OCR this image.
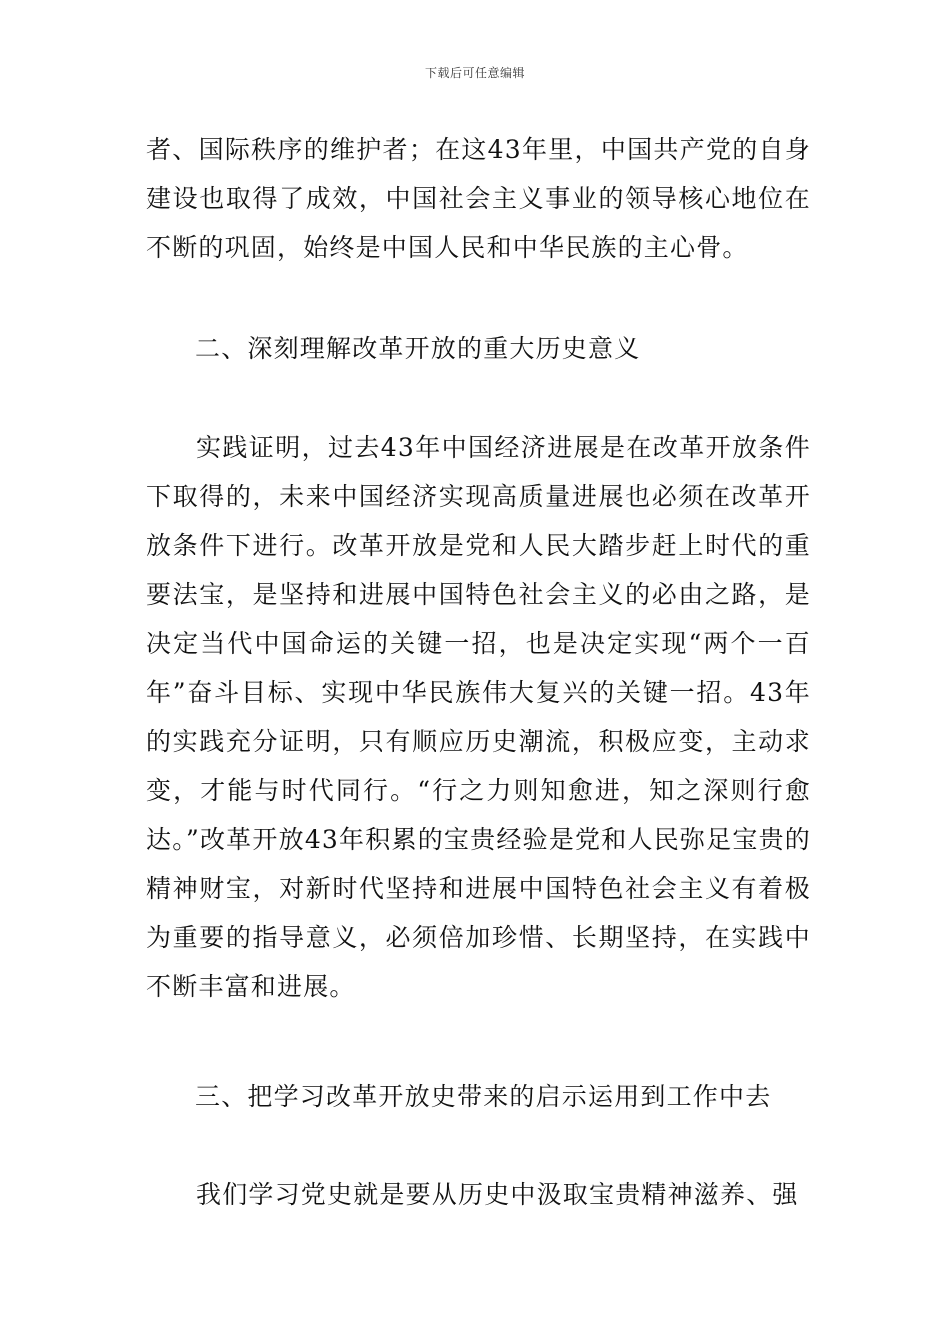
下载后可任意编辑
者、国际秩序的维护者；在这43年里，中国共产党的自身建设也取得了成效，中国社会主义事业的领导核心地位在不断的巩固，始终是中国人民和中华民族的主心骨。
二、深刻理解改革开放的重大历史意义
实践证明，过去43年中国经济进展是在改革开放条件下取得的，未来中国经济实现高质量进展也必须在改革开放条件下进行。改革开放是党和人民大踏步赶上时代的重要法宝，是坚持和进展中国特色社会主义的必由之路，是决定当代中国命运的关键一招，也是决定实现“两个一百年”奋斗目标、实现中华民族伟大复兴的关键一招。43年的实践充分证明，只有顺应历史潮流，积极应变，主动求变，才能与时代同行。“行之力则知愈进，知之深则行愈达。”改革开放43年积累的宝贵经验是党和人民弥足宝贵的精神财宝，对新时代坚持和进展中国特色社会主义有着极为重要的指导意义，必须倍加珍惜、长期坚持，在实践中不断丰富和进展。
三、把学习改革开放史带来的启示运用到工作中去
我们学习党史就是要从历史中汲取宝贵精神滋养、强
